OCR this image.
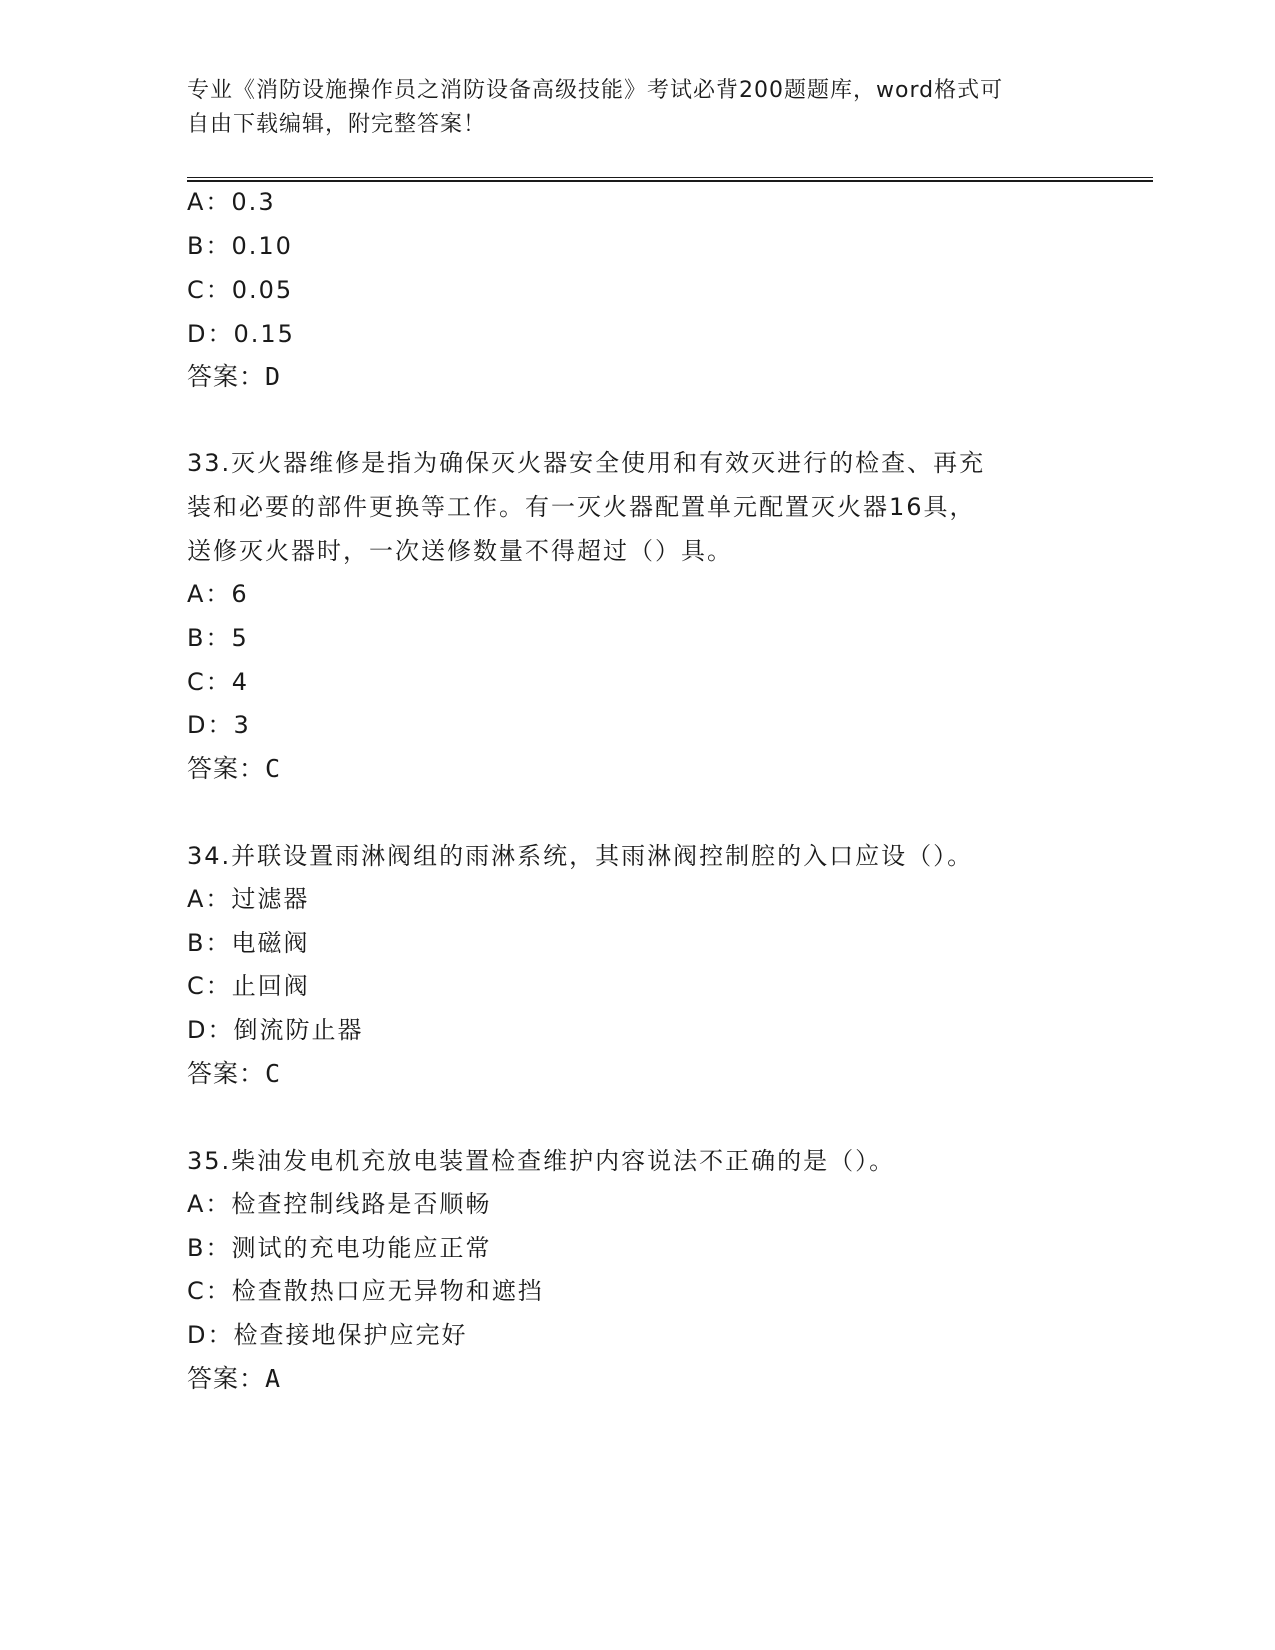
专业《消防设施操作员之消防设备高级技能》考试必背200题题库，word格式可
自由下载编辑，附完整答案！
A：0.3
B：0.10
C：0.05
D：0.15
答案：D
33.灭火器维修是指为确保灭火器安全使用和有效灭进行的检查、再充
装和必要的部件更换等工作。有一灭火器配置单元配置灭火器16具，
送修灭火器时，一次送修数量不得超过（）具。
A：6
B：5
C：4
D：3
答案：C
34.并联设置雨淋阀组的雨淋系统，其雨淋阀控制腔的入口应设（）。
A：过滤器
B：电磁阀
C：止回阀
D：倒流防止器
答案：C
35.柴油发电机充放电装置检查维护内容说法不正确的是（）。
A：检查控制线路是否顺畅
B：测试的充电功能应正常
C：检查散热口应无异物和遮挡
D：检查接地保护应完好
答案：A
